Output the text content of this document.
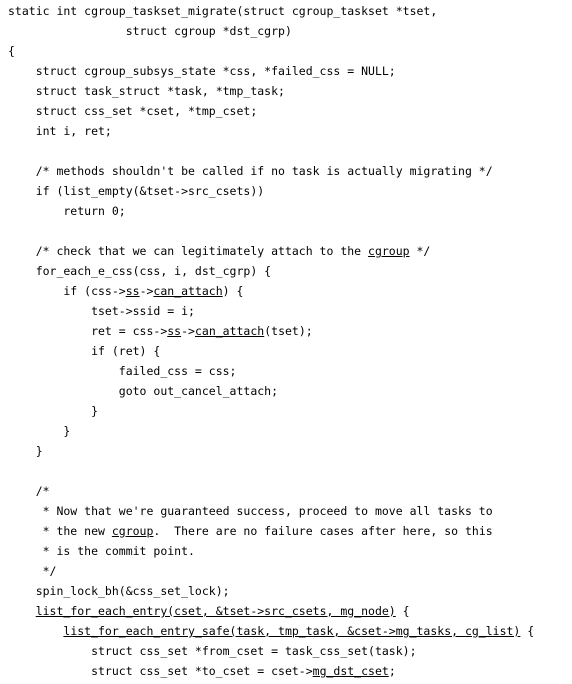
static int cgroup_taskset_migrate(struct cgroup_taskset *tset,
struct cgroup *dst_cgrp)
{
struct cgroup_subsys_state *css, *failed_css = NULL;
struct task_struct *task, *tmp_task;
struct css_set *cset, *tmp_cset;
int i, ret;
/* methods shouldn't be called if no task is actually migrating */
if (list_empty(&tset->src_csets))
return 0;
/* check that we can legitimately attach to the cgroup */
for_each_e_css(css, i, dst_cgrp) {
if (css->ss->can_attach) {
tset->ssid = i;
ret = css->ss->can_attach(tset);
if (ret) {
failed_css = css;
goto out_cancel_attach;
}
}
}
/*
* Now that we're guaranteed success, proceed to move all tasks to
* the new cgroup.  There are no failure cases after here, so this
* is the commit point.
*/
spin_lock_bh(&css_set_lock);
list_for_each_entry(cset, &tset->src_csets, mg_node) {
list_for_each_entry_safe(task, tmp_task, &cset->mg_tasks, cg_list) {
struct css_set *from_cset = task_css_set(task);
struct css_set *to_cset = cset->mg_dst_cset;
